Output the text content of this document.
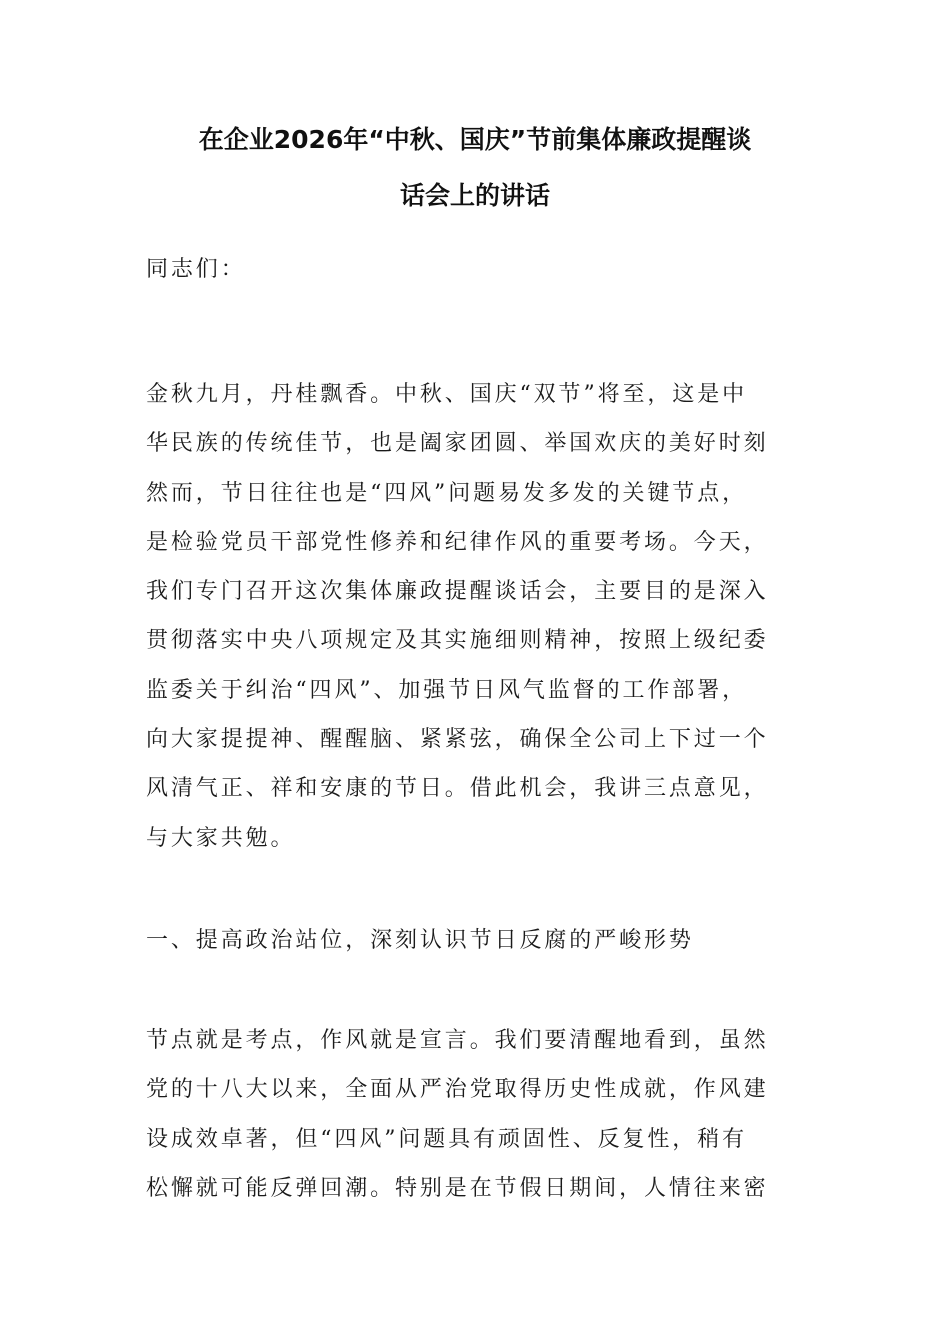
在企业2026年“中秋、国庆”节前集体廉政提醒谈
话会上的讲话

同志们：

金秋九月，丹桂飘香。中秋、国庆“双节”将至，这是中
华民族的传统佳节，也是阖家团圆、举国欢庆的美好时刻
然而，节日往往也是“四风”问题易发多发的关键节点，
是检验党员干部党性修养和纪律作风的重要考场。今天，
我们专门召开这次集体廉政提醒谈话会，主要目的是深入
贯彻落实中央八项规定及其实施细则精神，按照上级纪委
监委关于纠治“四风”、加强节日风气监督的工作部署，
向大家提提神、醒醒脑、紧紧弦，确保全公司上下过一个
风清气正、祥和安康的节日。借此机会，我讲三点意见，
与大家共勉。

一、提高政治站位，深刻认识节日反腐的严峻形势

节点就是考点，作风就是宣言。我们要清醒地看到，虽然
党的十八大以来，全面从严治党取得历史性成就，作风建
设成效卓著，但“四风”问题具有顽固性、反复性，稍有
松懈就可能反弹回潮。特别是在节假日期间，人情往来密
